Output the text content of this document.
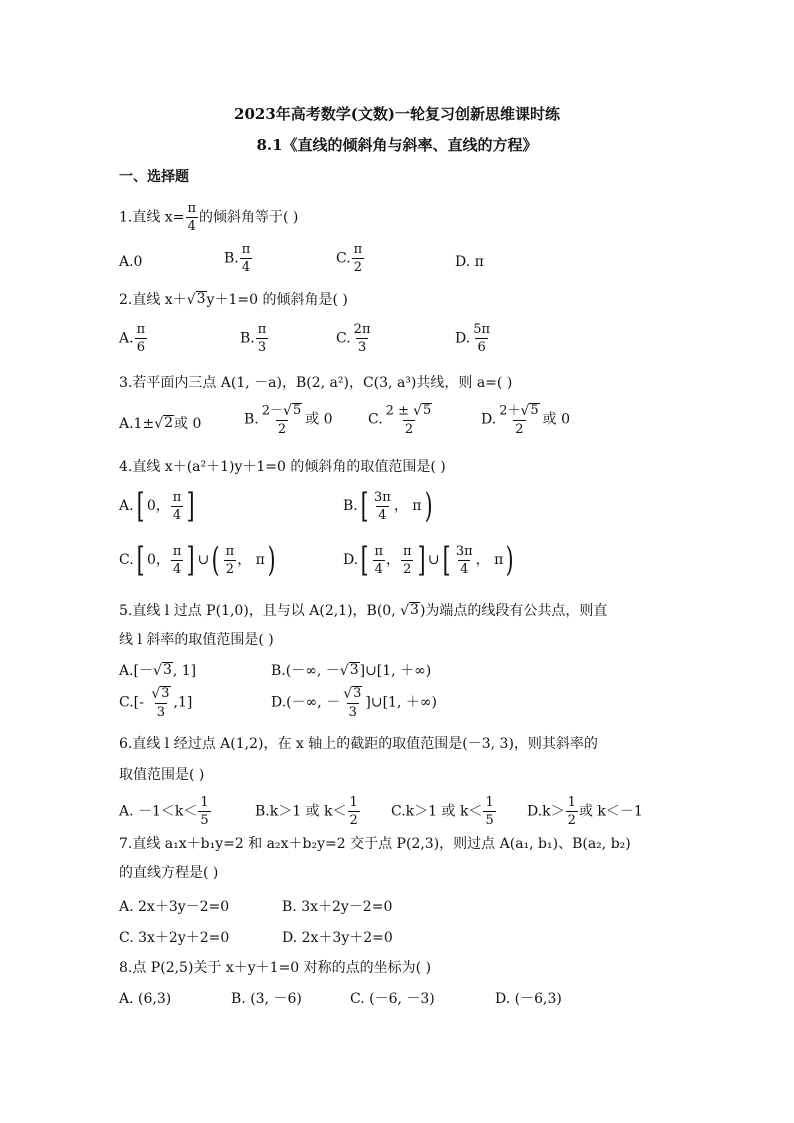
2023年高考数学(文数)一轮复习创新思维课时练
8.1《直线的倾斜角与斜率、直线的方程》
一、选择题
1.直线 $x= \frac{\pi}{4}$ 的倾斜角等于( )
A.0	B. $\frac{\pi}{4}$	C. $\frac{\pi}{2}$	D. π
2.直线 x＋ √ 3 y＋1=0 的倾斜角是( )
A. $\frac{\pi}{6}$	B. $\frac{\pi}{3}$	C. $\frac{2\pi}{3}$	D. $\frac{5\pi}{6}$
3.若平面内三点 A(1, －a)，B(2, a²)，C(3, a³)共线，则 a=( )
A.1± √ 2 或 0	B. $\frac{2- √ 5}{2}$ 或 0	C. $\frac{2 \pm √ 5}{2}$	D. $\frac{2+ √ 5}{2}$ 或 0
4.直线 x＋(a²＋1)y＋1=0 的倾斜角的取值范围是( )
A.[ 0， $\frac{\pi}{4}$ ]	$B.[ \frac{3\pi}{4}$ ， π)
C.[ 0， $\frac{\pi}{4}$ ] ∪( $\frac{\pi}{2}$ ， π)	$D.[ \frac{\pi}{4}$ ， $\frac{\pi}{2}$ ] ∪[ $\frac{3\pi}{4}$ ， π)
5.直线 l 过点 P(1,0)，且与以 A(2,1)，B(0, √ 3 )为端点的线段有公共点，则直
线 l 斜率的取值范围是( )
A.[－ √ 3 , 1]	B.(－∞, － √ 3 ]∪[1, ＋∞)
$C.[- \frac{√ 3}{3} ,1]$	D.(－∞, － $\frac{√ 3}{3}$ ]∪[1, ＋∞)
6.直线 l 经过点 A(1,2)，在 x 轴上的截距的取值范围是(－3, 3)，则其斜率的
取值范围是( )
A. $-1<k< \frac{1}{5}$	B.k＞1 或 $k< \frac{1}{2} C.k>1$ 或 $k< \frac{1}{5} D.k> \frac{1}{2}$ 或 k＜－1
7.直线 a₁x＋b₁y=2 和 a₂x＋b₂y=2 交于点 P(2,3)，则过点 A(a₁, b₁)、B(a₂, b₂)
的直线方程是( )
A. 2x＋3y－2=0	B. 3x＋2y－2=0
C. 3x＋2y＋2=0	D. 2x＋3y＋2=0
8.点 P(2,5)关于 x＋y＋1=0 对称的点的坐标为( )
A. (6,3)	B. (3, －6)	C. (－6, －3)	D. (－6,3)
